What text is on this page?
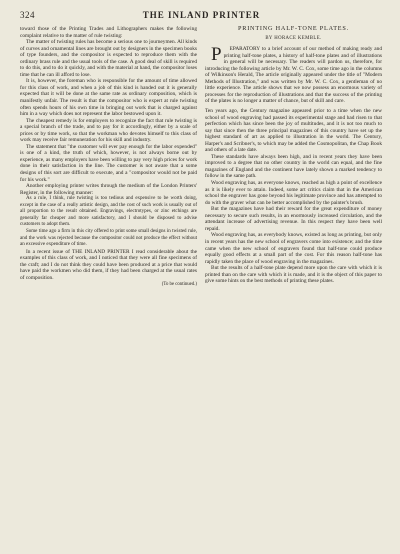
324	THE INLAND PRINTER

toward those of the Printing Trades and Lithographers makes the following complaint relative to the matter of rule twisting:

The matter of twisting rules has become a serious one to journeymen. All kinds of curves and ornamental lines are brought out by designers in the specimen books of type founders, and the compositor is expected to reproduce them with the ordinary brass rule and the usual tools of the case. A good deal of skill is required to do this, and to do it quickly, and with the material at hand, the compositor loses time that he can ill afford to lose.

It is, however, the foreman who is responsible for the amount of time allowed for this class of work, and when a job of this kind is handed out it is generally expected that it will be done at the same rate as ordinary composition, which is manifestly unfair. The result is that the compositor who is expert at rule twisting often spends hours of his own time in bringing out work that is charged against him in a way which does not represent the labor bestowed upon it.

The cheapest remedy is for employers to recognize the fact that rule twisting is a special branch of the trade, and to pay for it accordingly, either by a scale of prices or by time work, so that the workman who devotes himself to this class of work may receive fair remuneration for his skill and industry.

The statement that "the customer will ever pay enough for the labor expended" is one of a kind, the truth of which, however, is not always borne out by experience, as many employers have been willing to pay very high prices for work done in their satisfaction in the line. The customer is not aware that a some designs of this sort are difficult to execute, and a "compositor would not be paid for his work."

Another employing printer writes through the medium of the London Printers' Register, in the following manner:

As a rule, I think, rule twisting is too tedious and expensive to be worth doing, except in the case of a really artistic design, and the cost of such work is usually out of all proportion to the result obtained. Engravings, electrotypes, or zinc etchings are generally far cheaper and more satisfactory, and I should be disposed to advise customers to adopt them.

Some time ago a firm in this city offered to print some small designs in twisted rule, and the work was rejected because the compositor could not produce the effect without an excessive expenditure of time.

In a recent issue of THE INLAND PRINTER I read considerable about the examples of this class of work, and I noticed that they were all fine specimens of the craft; and I do not think they could have been produced at a price that would have paid the workmen who did them, if they had been charged at the usual rates of composition.

(To be continued.)

PRINTING HALF-TONE PLATES.

BY HORACE KEMBLE.

P	EPARATORY to a brief account of our method of making ready and printing half-tone plates, a history of half-tone plates and of illustrations in general will be necessary. The readers will pardon us, therefore, for introducing the following article by Mr. W. C. Cox, some time ago in the columns of Wilkinson's Herald, The article originally appeared under the title of "Modern Methods of Illustration," and was written by Mr. W. C. Cox, a gentleman of no little experience. The article shows that we now possess an enormous variety of processes for the reproduction of illustrations and that the success of the printing of the plates is no longer a matter of chance, but of skill and care.

Ten years ago, the Century magazine appeared prior to a time when the new school of wood engraving had passed its experimental stage and had risen to that perfection which has since been the joy of multitudes, and it is not too much to say that since then the three principal magazines of this country have set up the highest standard of art as applied to illustration in the world. The Century, Harper's and Scribner's, to which may be added the Cosmopolitan, the Chap Book and others of a late date.

These standards have always been high, and in recent years they have been improved to a degree that no other country in the world can equal, and the fine magazines of England and the continent have lately shown a marked tendency to follow in the same path.

Wood engraving has, as everyone knows, reached as high a point of excellence as it is likely ever to attain. Indeed, some art critics claim that in the American school the engraver has gone beyond his legitimate province and has attempted to do with the graver what can be better accomplished by the painter's brush.

But the magazines have had their reward for the great expenditure of money necessary to secure such results, in an enormously increased circulation, and the attendant increase of advertising revenue. In this respect they have been well repaid.

Wood engraving has, as everybody knows, existed as long as printing, but only in recent years has the new school of engravers come into existence; and the time came when the new school of engravers found that half-tone could produce equally good effects at a small part of the cost. For this reason half-tone has rapidly taken the place of wood engraving in the magazines.

But the results of a half-tone plate depend more upon the care with which it is printed than on the care with which it is made, and it is the object of this paper to give some hints on the best methods of printing these plates.
